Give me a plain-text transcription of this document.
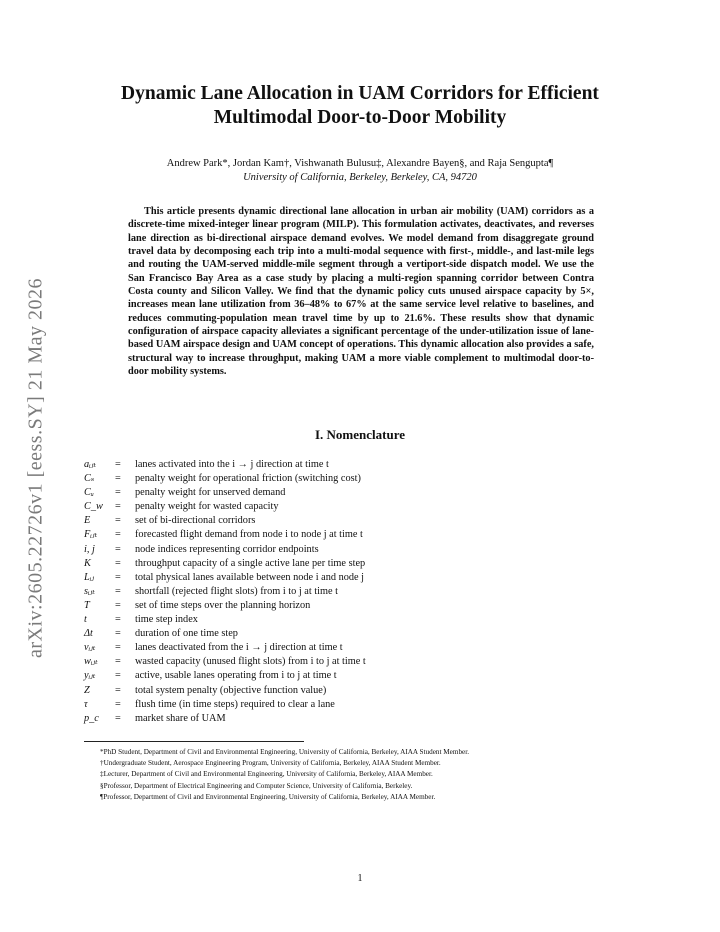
arXiv:2605.22726v1 [eess.SY] 21 May 2026
Dynamic Lane Allocation in UAM Corridors for Efficient
Multimodal Door-to-Door Mobility
Andrew Park*, Jordan Kam†, Vishwanath Bulusu‡, Alexandre Bayen§, and Raja Sengupta¶
University of California, Berkeley, Berkeley, CA, 94720
This article presents dynamic directional lane allocation in urban air mobility (UAM) corridors as a discrete-time mixed-integer linear program (MILP). This formulation activates, deactivates, and reverses lane direction as bi-directional airspace demand evolves. We model demand from disaggregate ground travel data by decomposing each trip into a multi-modal sequence with first-, middle-, and last-mile legs and routing the UAM-served middle-mile segment through a vertiport-side dispatch model. We use the San Francisco Bay Area as a case study by placing a multi-region spanning corridor between Contra Costa county and Silicon Valley. We find that the dynamic policy cuts unused airspace capacity by 5×, increases mean lane utilization from 36–48% to 67% at the same service level relative to baselines, and reduces commuting-population mean travel time by up to 21.6%. These results show that dynamic configuration of airspace capacity alleviates a significant percentage of the under-utilization issue of lane-based UAM airspace design and UAM concept of operations. This dynamic allocation also provides a safe, structural way to increase throughput, making UAM a more viable complement to multimodal door-to-door mobility systems.
I. Nomenclature
aᵢⱼₜ	=	lanes activated into the i → j direction at time t
Cₛ	=	penalty weight for operational friction (switching cost)
Cᵤ	=	penalty weight for unserved demand
C_w	=	penalty weight for wasted capacity
E	=	set of bi-directional corridors
Fᵢⱼₜ	=	forecasted flight demand from node i to node j at time t
i, j	=	node indices representing corridor endpoints
K	=	throughput capacity of a single active lane per time step
Lᵢⱼ	=	total physical lanes available between node i and node j
sᵢⱼₜ	=	shortfall (rejected flight slots) from i to j at time t
T	=	set of time steps over the planning horizon
t	=	time step index
Δt	=	duration of one time step
vᵢⱼₜ	=	lanes deactivated from the i → j direction at time t
wᵢⱼₜ	=	wasted capacity (unused flight slots) from i to j at time t
yᵢⱼₜ	=	active, usable lanes operating from i to j at time t
Z	=	total system penalty (objective function value)
τ	=	flush time (in time steps) required to clear a lane
p_c	=	market share of UAM
*PhD Student, Department of Civil and Environmental Engineering, University of California, Berkeley, AIAA Student Member.
†Undergraduate Student, Aerospace Engineering Program, University of California, Berkeley, AIAA Student Member.
‡Lecturer, Department of Civil and Environmental Engineering, University of California, Berkeley, AIAA Member.
§Professor, Department of Electrical Engineering and Computer Science, University of California, Berkeley.
¶Professor, Department of Civil and Environmental Engineering, University of California, Berkeley, AIAA Member.
1
